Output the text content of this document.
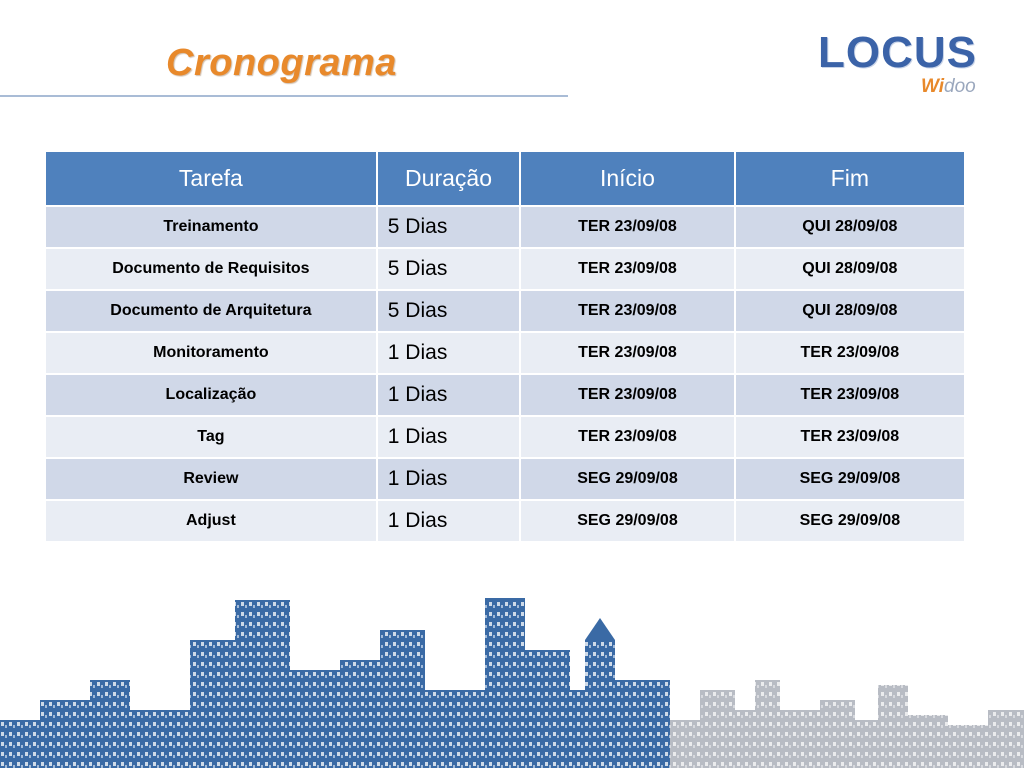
Cronograma	LOCUS
Widoo
Tarefa	Duração	Início	Fim
Treinamento	5 Dias	TER 23/09/08	QUI 28/09/08
Documento de Requisitos	5 Dias	TER 23/09/08	QUI 28/09/08
Documento de Arquitetura	5 Dias	TER 23/09/08	QUI 28/09/08
Monitoramento	1 Dias	TER 23/09/08	TER 23/09/08
Localização	1 Dias	TER 23/09/08	TER 23/09/08
Tag	1 Dias	TER 23/09/08	TER 23/09/08
Review	1 Dias	SEG 29/09/08	SEG 29/09/08
Adjust	1 Dias	SEG 29/09/08	SEG 29/09/08
